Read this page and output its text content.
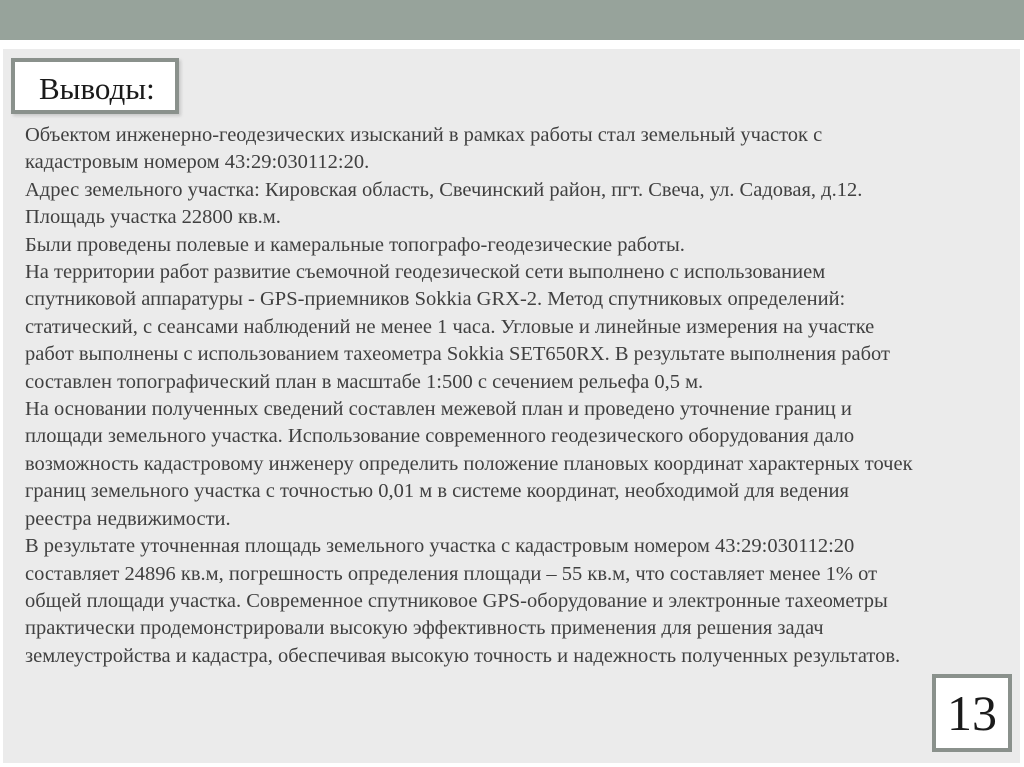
Выводы:
Объектом инженерно-геодезических изысканий в рамках работы стал земельный участок с
кадастровым номером 43:29:030112:20.
Адрес земельного участка: Кировская область, Свечинский район, пгт. Свеча, ул. Садовая, д.12.
Площадь участка 22800 кв.м.
Были проведены полевые и камеральные топографо-геодезические работы.
На территории работ развитие съемочной геодезической сети выполнено с использованием
спутниковой аппаратуры - GPS-приемников Sokkia GRX-2. Метод спутниковых определений:
статический, с сеансами наблюдений не менее 1 часа. Угловые и линейные измерения на участке
работ выполнены с использованием тахеометра Sokkia SET650RX. В результате выполнения работ
составлен топографический план в масштабе 1:500 с сечением рельефа 0,5 м.
На основании полученных сведений составлен межевой план и проведено уточнение границ и
площади земельного участка. Использование современного геодезического оборудования дало
возможность кадастровому инженеру определить положение плановых координат характерных точек
границ земельного участка с точностью 0,01 м в системе координат, необходимой для ведения
реестра недвижимости.
В результате уточненная площадь земельного участка с кадастровым номером 43:29:030112:20
составляет 24896 кв.м, погрешность определения площади – 55 кв.м, что составляет менее 1% от
общей площади участка. Современное спутниковое GPS-оборудование и электронные тахеометры
практически продемонстрировали высокую эффективность применения для решения задач
землеустройства и кадастра, обеспечивая высокую точность и надежность полученных результатов.
13
